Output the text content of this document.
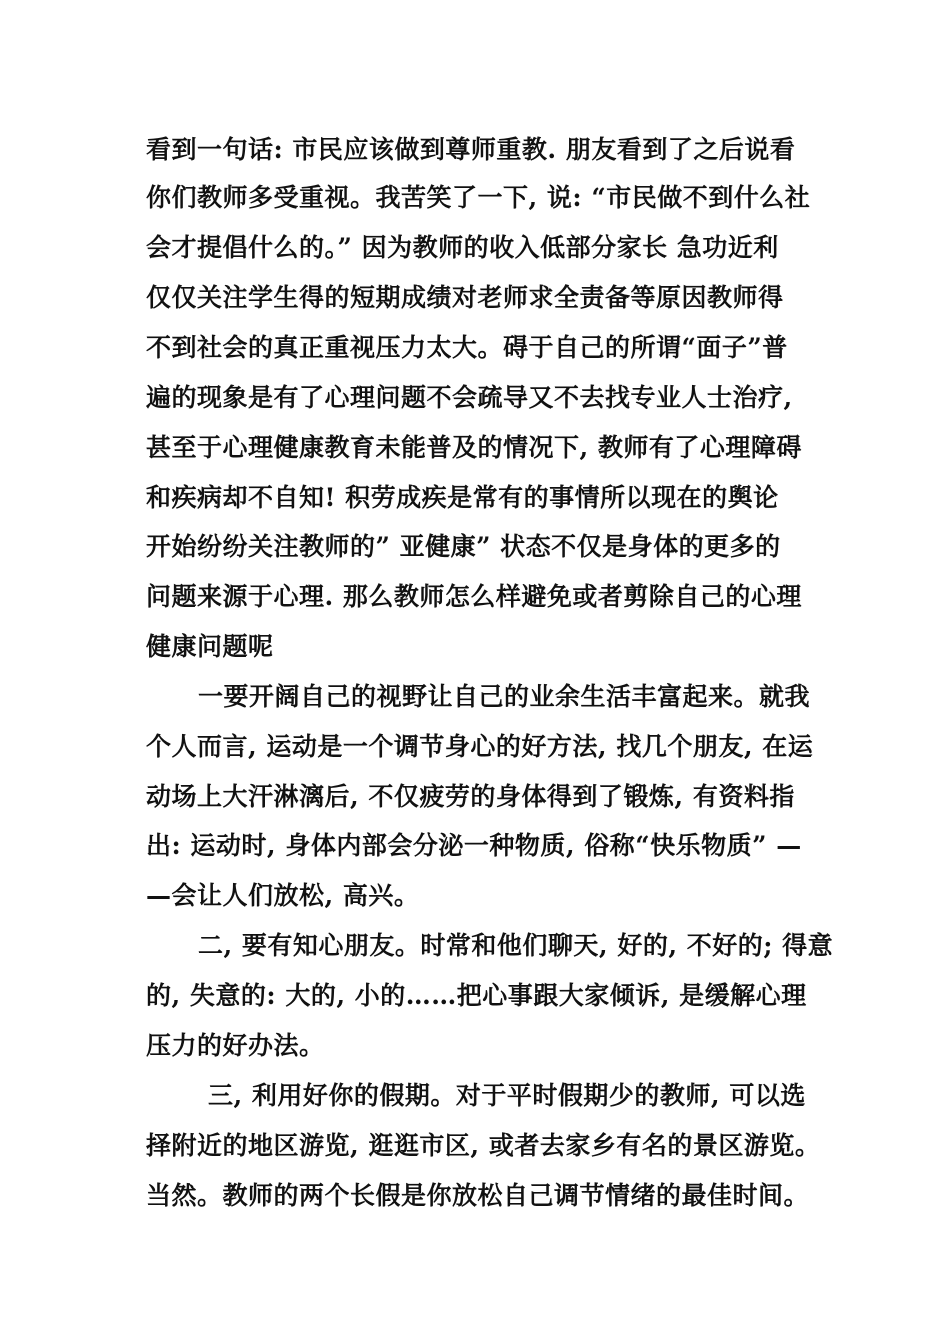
看到一句话: 市民应该做到尊师重教. 朋友看到了之后说看
你们教师多受重视。我苦笑了一下, 说: “市民做不到什么社
会才提倡什么的。” 因为教师的收入低部分家长 急功近利
仅仅关注学生得的短期成绩对老师求全责备等原因教师得
不到社会的真正重视压力太大。碍于自己的所谓“面子”普
遍的现象是有了心理问题不会疏导又不去找专业人士治疗,
甚至于心理健康教育未能普及的情况下, 教师有了心理障碍
和疾病却不自知! 积劳成疾是常有的事情所以现在的舆论
开始纷纷关注教师的” 亚健康” 状态不仅是身体的更多的
问题来源于心理. 那么教师怎么样避免或者剪除自己的心理
健康问题呢
一要开阔自己的视野让自己的业余生活丰富起来。就我
个人而言, 运动是一个调节身心的好方法, 找几个朋友, 在运
动场上大汗淋漓后, 不仅疲劳的身体得到了锻炼, 有资料指
出: 运动时, 身体内部会分泌一种物质, 俗称“快乐物质” —
—会让人们放松, 高兴。
二, 要有知心朋友。时常和他们聊天, 好的, 不好的; 得意
的, 失意的: 大的, 小的……把心事跟大家倾诉, 是缓解心理
压力的好办法。
三, 利用好你的假期。对于平时假期少的教师, 可以选
择附近的地区游览, 逛逛市区, 或者去家乡有名的景区游览。
当然。教师的两个长假是你放松自己调节情绪的最佳时间。
